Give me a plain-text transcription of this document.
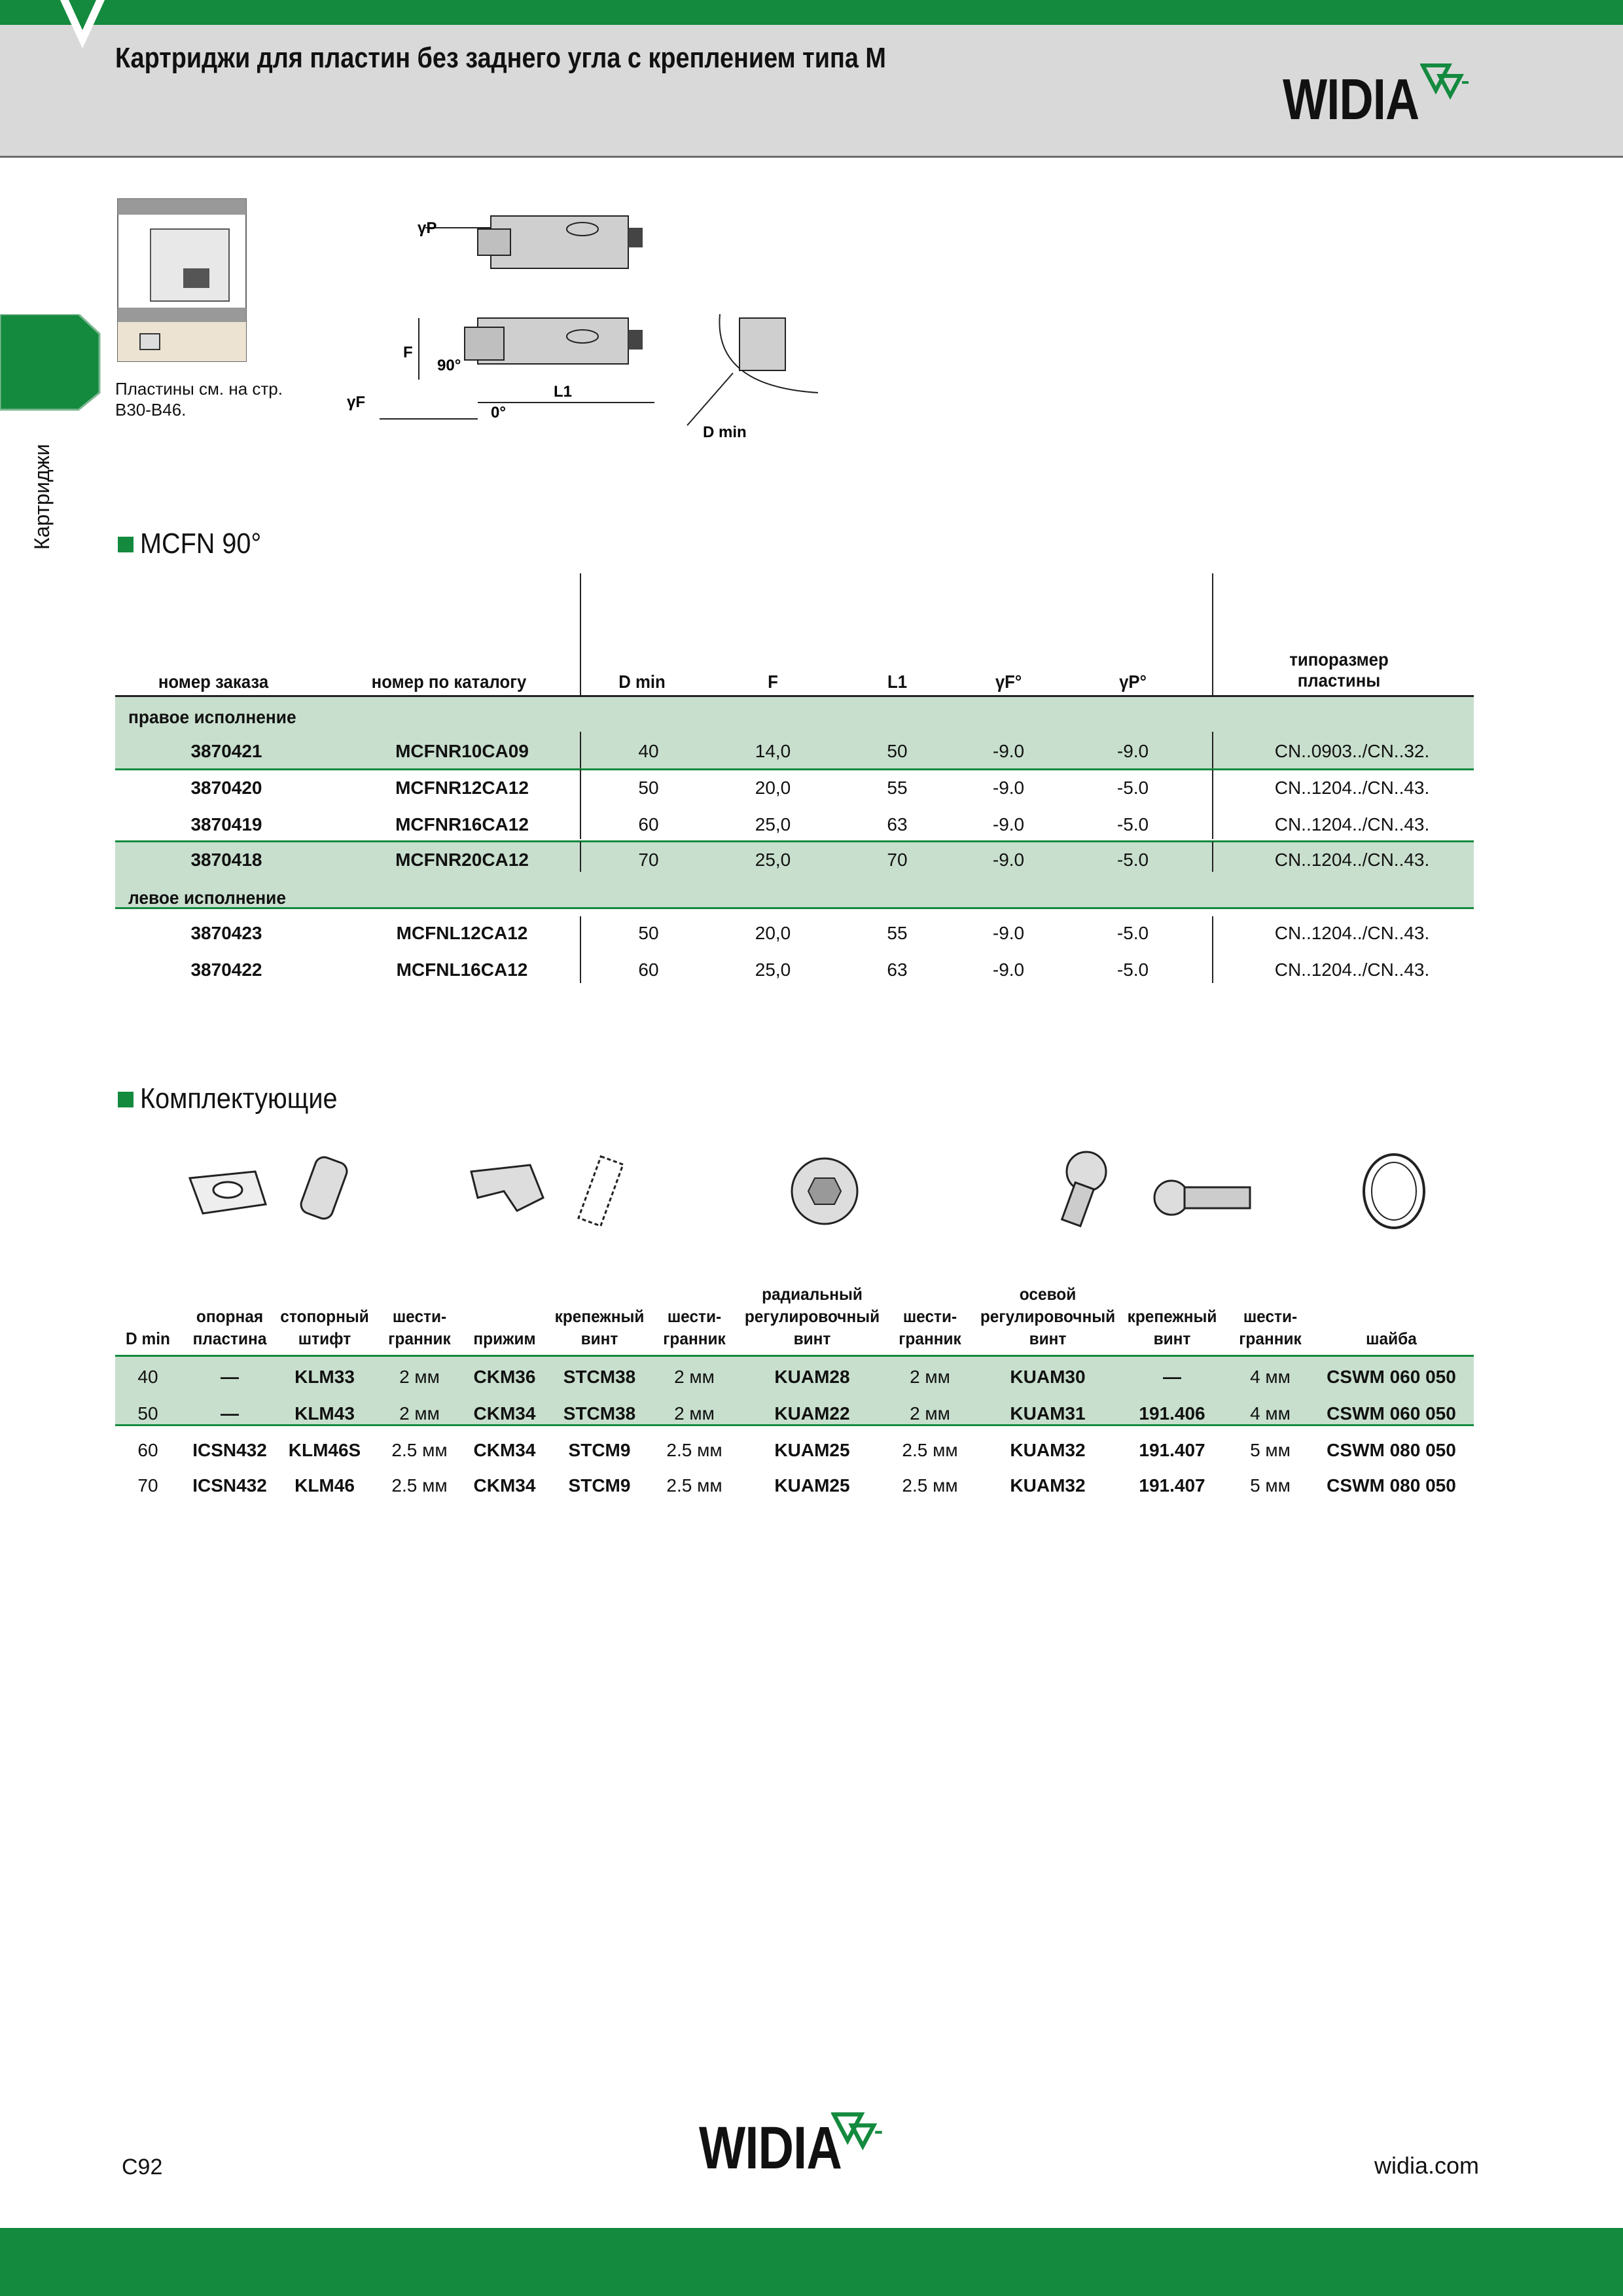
Картриджи для пластин без заднего угла с креплением типа M
WIDIA
Картриджи
γP
F
90°
γF
L1
0°
D min
Пластины см. на стр.
B30-B46.
MCFN 90°
номер заказа	номер по каталогу	D min	F	L1	γF°	γP°
типоразмер
пластины
правое исполнение
3870421	MCFNR10CA09	40	14,0	50	-9.0	-9.0	CN..0903../CN..32.
3870420	MCFNR12CA12	50	20,0	55	-9.0	-5.0	CN..1204../CN..43.
3870419	MCFNR16CA12	60	25,0	63	-9.0	-5.0	CN..1204../CN..43.
3870418	MCFNR20CA12	70	25,0	70	-9.0	-5.0	CN..1204../CN..43.
левое исполнение
3870423	MCFNL12CA12	50	20,0	55	-9.0	-5.0	CN..1204../CN..43.
3870422	MCFNL16CA12	60	25,0	63	-9.0	-5.0	CN..1204../CN..43.
Комплектующие
D min
опорная
пластина
стопорный
штифт
шести-
гранник	прижим
крепежный
винт
шести-
гранник
радиальный
регулировочный
винт
шести-
гранник
осевой
регулировочный
винт
крепежный
винт
шести-
гранник	шайба
40	—	KLM33	2 мм	CKM36	STCM38	2 мм	KUAM28	2 мм	KUAM30	—	4 мм	CSWM 060 050
50	—	KLM43	2 мм	CKM34	STCM38	2 мм	KUAM22	2 мм	KUAM31	191.406	4 мм	CSWM 060 050
60	ICSN432	KLM46S	2.5 мм	CKM34	STCM9	2.5 мм	KUAM25	2.5 мм	KUAM32	191.407	5 мм	CSWM 080 050
70	ICSN432	KLM46	2.5 мм	CKM34	STCM9	2.5 мм	KUAM25	2.5 мм	KUAM32	191.407	5 мм	CSWM 080 050
C92	WIDIA	widia.com
